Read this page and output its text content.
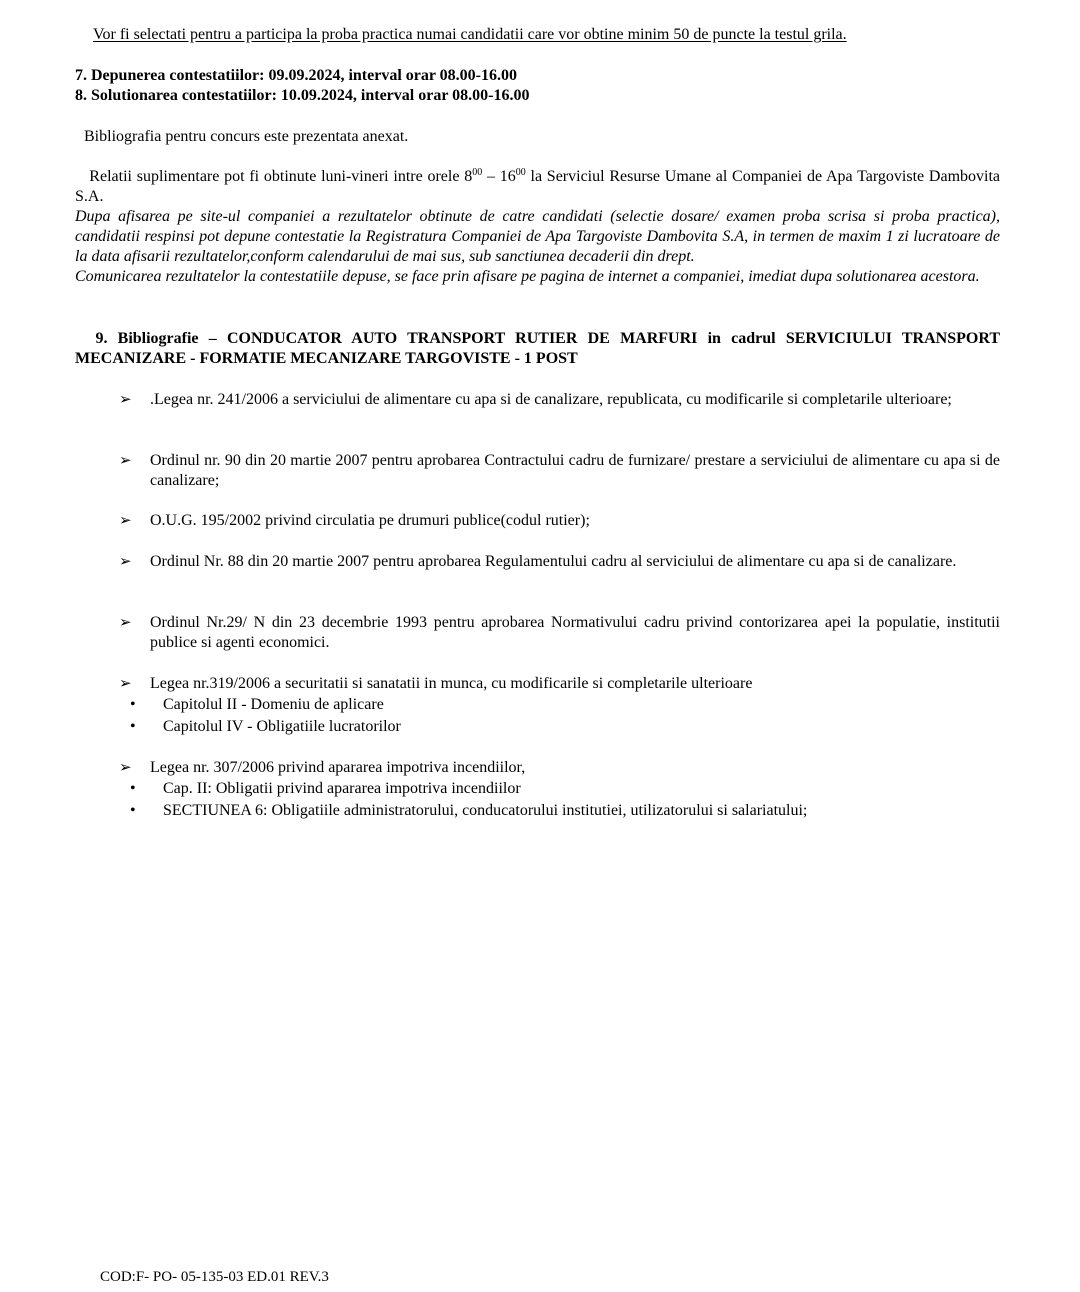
Vor fi selectati pentru a participa la proba practica numai candidatii care vor obtine minim 50 de puncte la testul grila.

7. Depunerea contestatiilor: 09.09.2024, interval orar 08.00-16.00

8. Solutionarea contestatiilor: 10.09.2024, interval orar 08.00-16.00

Bibliografia pentru concurs este prezentata anexat.

Relatii suplimentare pot fi obtinute luni-vineri intre orele $8^{00} - 16^{00}$ la Serviciul Resurse Umane al Companiei de Apa Targoviste Dambovita S.A.

Dupa afisarea pe site-ul companiei a rezultatelor obtinute de catre candidati (selectie dosare/ examen proba scrisa si proba practica), candidatii respinsi pot depune contestatie la Registratura Companiei de Apa Targoviste Dambovita S.A, in termen de maxim 1 zi lucratoare de la data afisarii rezultatelor,conform calendarului de mai sus, sub sanctiunea decaderii din drept.

Comunicarea rezultatelor la contestatiile depuse, se face prin afisare pe pagina de internet a companiei, imediat dupa solutionarea acestora.

9. Bibliografie – CONDUCATOR AUTO TRANSPORT RUTIER DE MARFURI in cadrul SERVICIULUI TRANSPORT MECANIZARE - FORMATIE MECANIZARE TARGOVISTE - 1 POST

➢	.Legea nr. 241/2006 a serviciului de alimentare cu apa si de canalizare, republicata, cu modificarile si completarile ulterioare;
➢	Ordinul nr. 90 din 20 martie 2007 pentru aprobarea Contractului cadru de furnizare/ prestare a serviciului de alimentare cu apa si de canalizare;
➢	O.U.G. 195/2002 privind circulatia pe drumuri publice(codul rutier);
➢	Ordinul Nr. 88 din 20 martie 2007 pentru aprobarea Regulamentului cadru al serviciului de alimentare cu apa si de canalizare.
➢	Ordinul Nr.29/ N din 23 decembrie 1993 pentru aprobarea Normativului cadru privind contorizarea apei la populatie, institutii publice si agenti economici.
➢	Legea nr.319/2006 a securitatii si sanatatii in munca, cu modificarile si completarile ulterioare
• Capitolul II - Domeniu de aplicare
• Capitolul IV - Obligatiile lucratorilor
➢	Legea nr. 307/2006 privind apararea impotriva incendiilor,
• Cap. II: Obligatii privind apararea impotriva incendiilor
• SECTIUNEA 6: Obligatiile administratorului, conducatorului institutiei, utilizatorului si salariatului;

COD:F- PO- 05-135-03 ED.01 REV.3
